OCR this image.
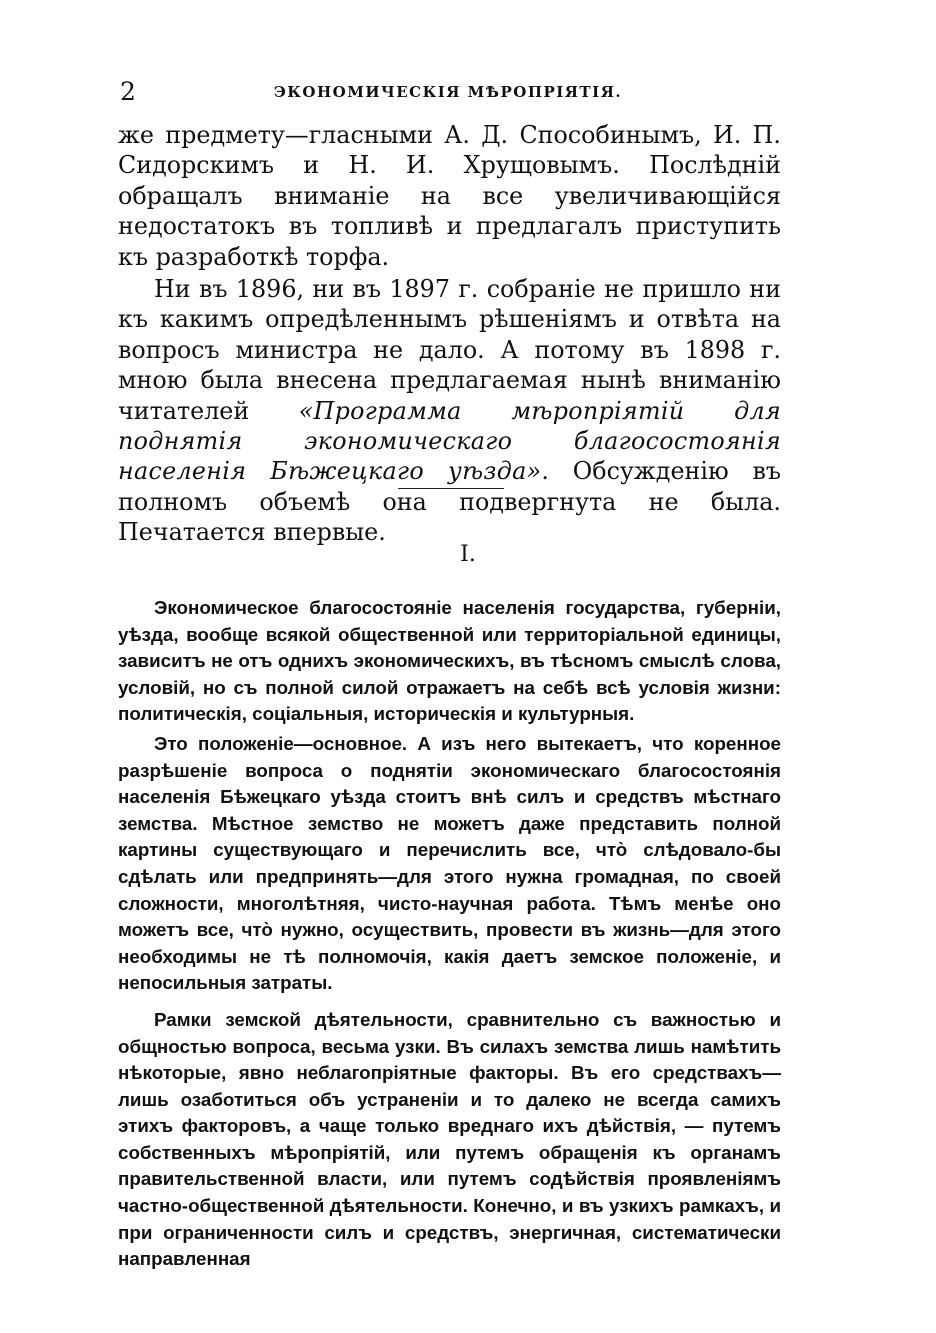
2	ЭКОНОМИЧЕСКІЯ МѢРОПРІЯТІЯ.

же предмету—гласными А. Д. Способинымъ, И. П. Сидорскимъ и Н. И. Хрущовымъ. Послѣдній обращалъ вниманіе на все увеличивающійся недостатокъ въ топливѣ и предлагалъ приступить къ разработкѣ торфа.

Ни въ 1896, ни въ 1897 г. собраніе не пришло ни къ какимъ опредѣленнымъ рѣшеніямъ и отвѣта на вопросъ министра не дало. А потому въ 1898 г. мною была внесена предлагаемая нынѣ вниманію читателей «Программа мѣропріятій для поднятія экономическаго благосостоянія населенія Бѣжецкаго уѣзда». Обсужденію въ полномъ объемѣ она подвергнута не была. Печатается впервые.

I.

Экономическое благосостояніе населенія государства, губерніи, уѣзда, вообще всякой общественной или территоріальной единицы, зависитъ не отъ однихъ экономическихъ, въ тѣсномъ смыслѣ слова, условій, но съ полной силой отражаетъ на себѣ всѣ условія жизни: политическія, соціальныя, историческія и культурныя.

Это положеніе—основное. А изъ него вытекаетъ, что коренное разрѣшеніе вопроса о поднятіи экономическаго благосостоянія населенія Бѣжецкаго уѣзда стоитъ внѣ силъ и средствъ мѣстнаго земства. Мѣстное земство не можетъ даже представить полной картины существующаго и перечислить все, что̀ слѣдовало-бы сдѣлать или предпринять—для этого нужна громадная, по своей сложности, многолѣтняя, чисто-научная работа. Тѣмъ менѣе оно можетъ все, что̀ нужно, осуществить, провести въ жизнь—для этого необходимы не тѣ полномочія, какія даетъ земское положеніе, и непосильныя затраты.

Рамки земской дѣятельности, сравнительно съ важностью и общностью вопроса, весьма узки. Въ силахъ земства лишь намѣтить нѣкоторые, явно неблагопріятные факторы. Въ его средствахъ—лишь озаботиться объ устраненіи и то далеко не всегда самихъ этихъ факторовъ, а чаще только вреднаго ихъ дѣйствія, — путемъ собственныхъ мѣропріятій, или путемъ обращенія къ органамъ правительственной власти, или путемъ содѣйствія проявленіямъ частно-общественной дѣятельности. Конечно, и въ узкихъ рамкахъ, и при ограниченности силъ и средствъ, энергичная, систематически направленная
